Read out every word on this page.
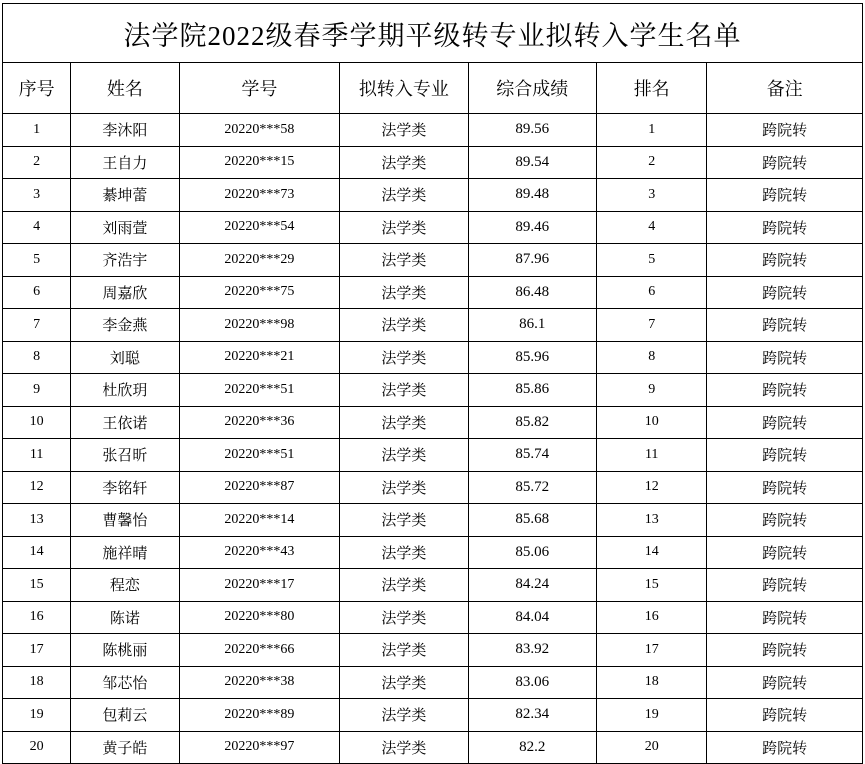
法学院2022级春季学期平级转专业拟转入学生名单						
序号	姓名	学号	拟转入专业	综合成绩	排名	备注
1	李沐阳	20220***58	法学类	89.56	1	跨院转
2	王自力	20220***15	法学类	89.54	2	跨院转
3	綦坤蕾	20220***73	法学类	89.48	3	跨院转
4	刘雨萱	20220***54	法学类	89.46	4	跨院转
5	齐浩宇	20220***29	法学类	87.96	5	跨院转
6	周嘉欣	20220***75	法学类	86.48	6	跨院转
7	李金燕	20220***98	法学类	86.1	7	跨院转
8	刘聪	20220***21	法学类	85.96	8	跨院转
9	杜欣玥	20220***51	法学类	85.86	9	跨院转
10	王依诺	20220***36	法学类	85.82	10	跨院转
11	张召昕	20220***51	法学类	85.74	11	跨院转
12	李铭轩	20220***87	法学类	85.72	12	跨院转
13	曹馨怡	20220***14	法学类	85.68	13	跨院转
14	施祥晴	20220***43	法学类	85.06	14	跨院转
15	程恋	20220***17	法学类	84.24	15	跨院转
16	陈诺	20220***80	法学类	84.04	16	跨院转
17	陈桃丽	20220***66	法学类	83.92	17	跨院转
18	邹芯怡	20220***38	法学类	83.06	18	跨院转
19	包莉云	20220***89	法学类	82.34	19	跨院转
20	黄子皓	20220***97	法学类	82.2	20	跨院转
